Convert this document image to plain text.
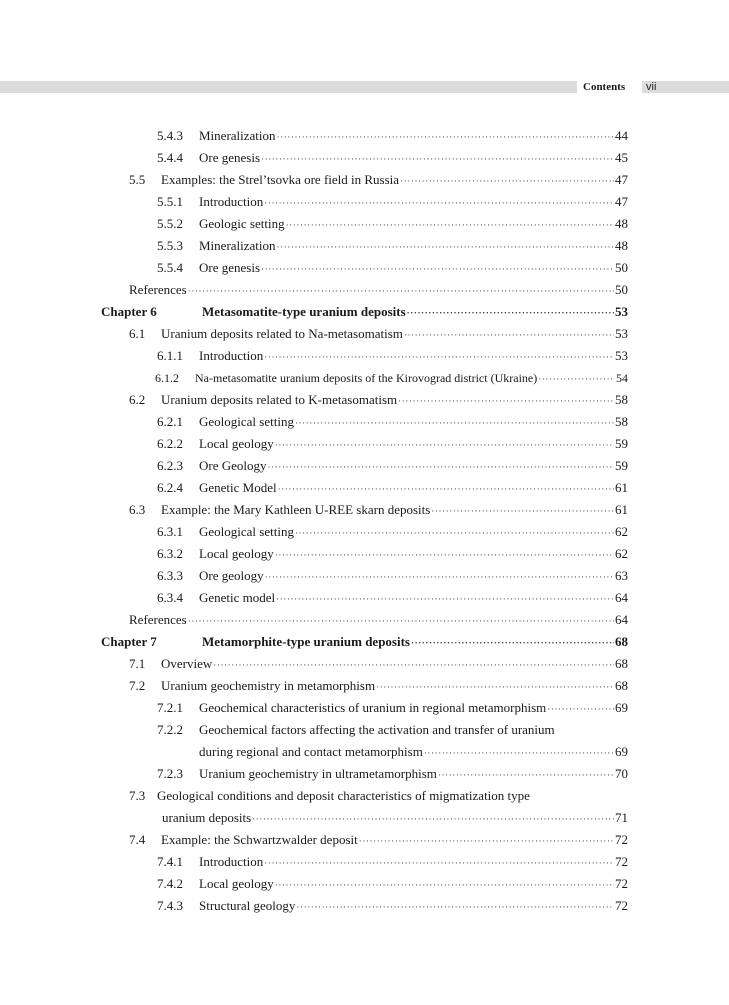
Contents vii
5.4.3 Mineralization ·····	44
5.4.4 Ore genesis ·····	45
5.5 Examples: the Strel’tsovka ore field in Russia ·····	47
5.5.1 Introduction ·····	47
5.5.2 Geologic setting ·····	48
5.5.3 Mineralization ·····	48
5.5.4 Ore genesis ·····	50
References ·····	50
Chapter 6	Metasomatite-type uranium deposits ·····	53
6.1 Uranium deposits related to Na-metasomatism ·····	53
6.1.1 Introduction ·····	53
6.1.2 Na-metasomatite uranium deposits of the Kirovograd district (Ukraine) ·····	54
6.2 Uranium deposits related to K-metasomatism ·····	58
6.2.1 Geological setting ·····	58
6.2.2 Local geology ·····	59
6.2.3 Ore Geology ·····	59
6.2.4 Genetic Model ·····	61
6.3 Example: the Mary Kathleen U-REE skarn deposits ·····	61
6.3.1 Geological setting ·····	62
6.3.2 Local geology ·····	62
6.3.3 Ore geology ·····	63
6.3.4 Genetic model ·····	64
References ·····	64
Chapter 7	Metamorphite-type uranium deposits ·····	68
7.1 Overview ·····	68
7.2 Uranium geochemistry in metamorphism ·····	68
7.2.1 Geochemical characteristics of uranium in regional metamorphism ·····	69
7.2.2 Geochemical factors affecting the activation and transfer of uranium
during regional and contact metamorphism ·····	69
7.2.3 Uranium geochemistry in ultrametamorphism ·····	70
7.3 Geological conditions and deposit characteristics of migmatization type
uranium deposits ·····	71
7.4 Example: the Schwartzwalder deposit ·····	72
7.4.1 Introduction ·····	72
7.4.2 Local geology ·····	72
7.4.3 Structural geology ·····	72
